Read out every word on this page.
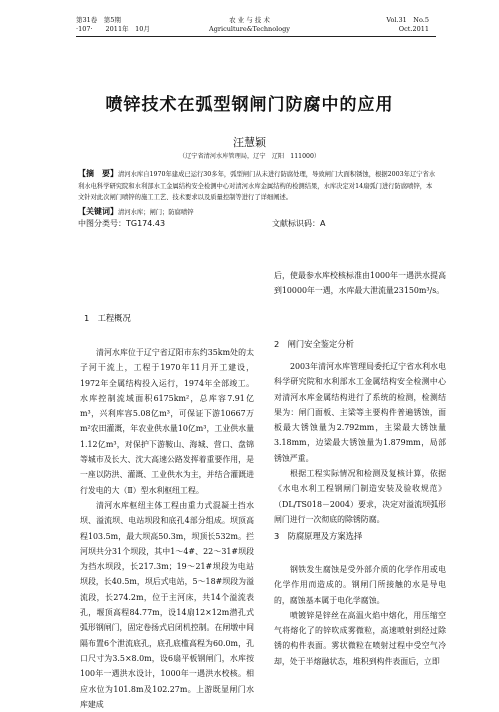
第31卷　第5期
·107·　　2011年　10月
农 业 与 技 术
Agriculture&Technology
Vol.31　No.5
Oct.2011
喷锌技术在弧型钢闸门防腐中的应用
汪慧颖
（辽宁省清河水库管理局，辽宁　辽阳　111000）
【摘　要】清河水库自1970年建成已运行30多年，弧型闸门从未进行防腐处理，导致闸门大面积锈蚀，根据2003年辽宁省水利水电科学研究院和水利部水工金属结构安全检测中心对清河水库金属结构的检测结果，水库决定对14扇弧门进行防腐喷锌，本文针对此次闸门喷锌的施工工艺、技术要求以及质量控制等进行了详细阐述。
【关键词】清河水库；闸门；防腐喷锌
中图分类号：TG174.43	文献标识码：A
1　工程概况

清河水库位于辽宁省辽阳市东约35km处的太子河干流上，工程于1970年11月开工建设，1972年全属结构投入运行，1974年全部竣工。水库控制流域面积6175km²，总库容7.91亿m³，兴利库容5.08亿m³，可保证下游10667万m²农田灌溉，年农业供水量10亿m³，工业供水量1.12亿m³，对保护下游鞍山、海城、营口、盘锦等城市及长大、沈大高速公路发挥着重要作用，是一座以防洪、灌溉、工业供水为主，并结合灌溉进行发电的大（Ⅱ）型水利枢纽工程。

清河水库枢纽主体工程由重力式混凝土挡水坝、溢流坝、电站坝段和底孔4部分组成。坝顶高程103.5m，最大坝高50.3m，坝顶长532m。拦河坝共分31个坝段，其中1～4#、22～31#坝段为挡水坝段，长217.3m；19～21#坝段为电站坝段，长40.5m，坝后式电站，5～18#坝段为溢流段，长274.2m，位于主河床，共14个溢流表孔，堰顶高程84.77m，设14扇12×12m潜孔式弧形钢闸门，固定卷扬式启闭机控制。在闸墩中间隔布置6个泄流底孔，底孔底槛高程为60.0m，孔口尺寸为3.5×8.0m，设6扇平板钢闸门，水库按100年一遇洪水设计，1000年一遇洪水校核。相应水位为101.8m及102.27m。上游既显闸门水库建成

后，使最参水库校核标准由1000年一遇洪水提高到10000年一遇，水库最大泄流量23150m³/s。

2　闸门安全鉴定分析

2003年清河水库管理局委托辽宁省水利水电科学研究院和水利部水工金属结构安全检测中心对清河水库金属结构进行了系统的检测，检测结果为：闸门面板、主梁等主要构件普遍锈蚀，面板最大锈蚀量为2.792mm，主梁最大锈蚀量3.18mm，边梁最大锈蚀量为1.879mm，局部锈蚀严重。

根据工程实际情况和检测及复核计算，依据《水电水利工程钢闸门制造安装及验收规范》（DL/TS018－2004）要求，决定对溢流坝弧形闸门进行一次彻底的除锈防腐。

3　防腐原理及方案选择

钢铁发生腐蚀是受外部介质的化学作用或电化学作用而造成的。钢闸门所接触的水是导电的，腐蚀基本属于电化学腐蚀。

喷镀锌是锌丝在高温火焰中熔化，用压缩空气将熔化了的锌吹成雾微粒，高速喷射到经过除锈的构件表面。雾状微粒在喷射过程中受空气冷却，处于半熔融状态，堆积到构件表面后，立即
